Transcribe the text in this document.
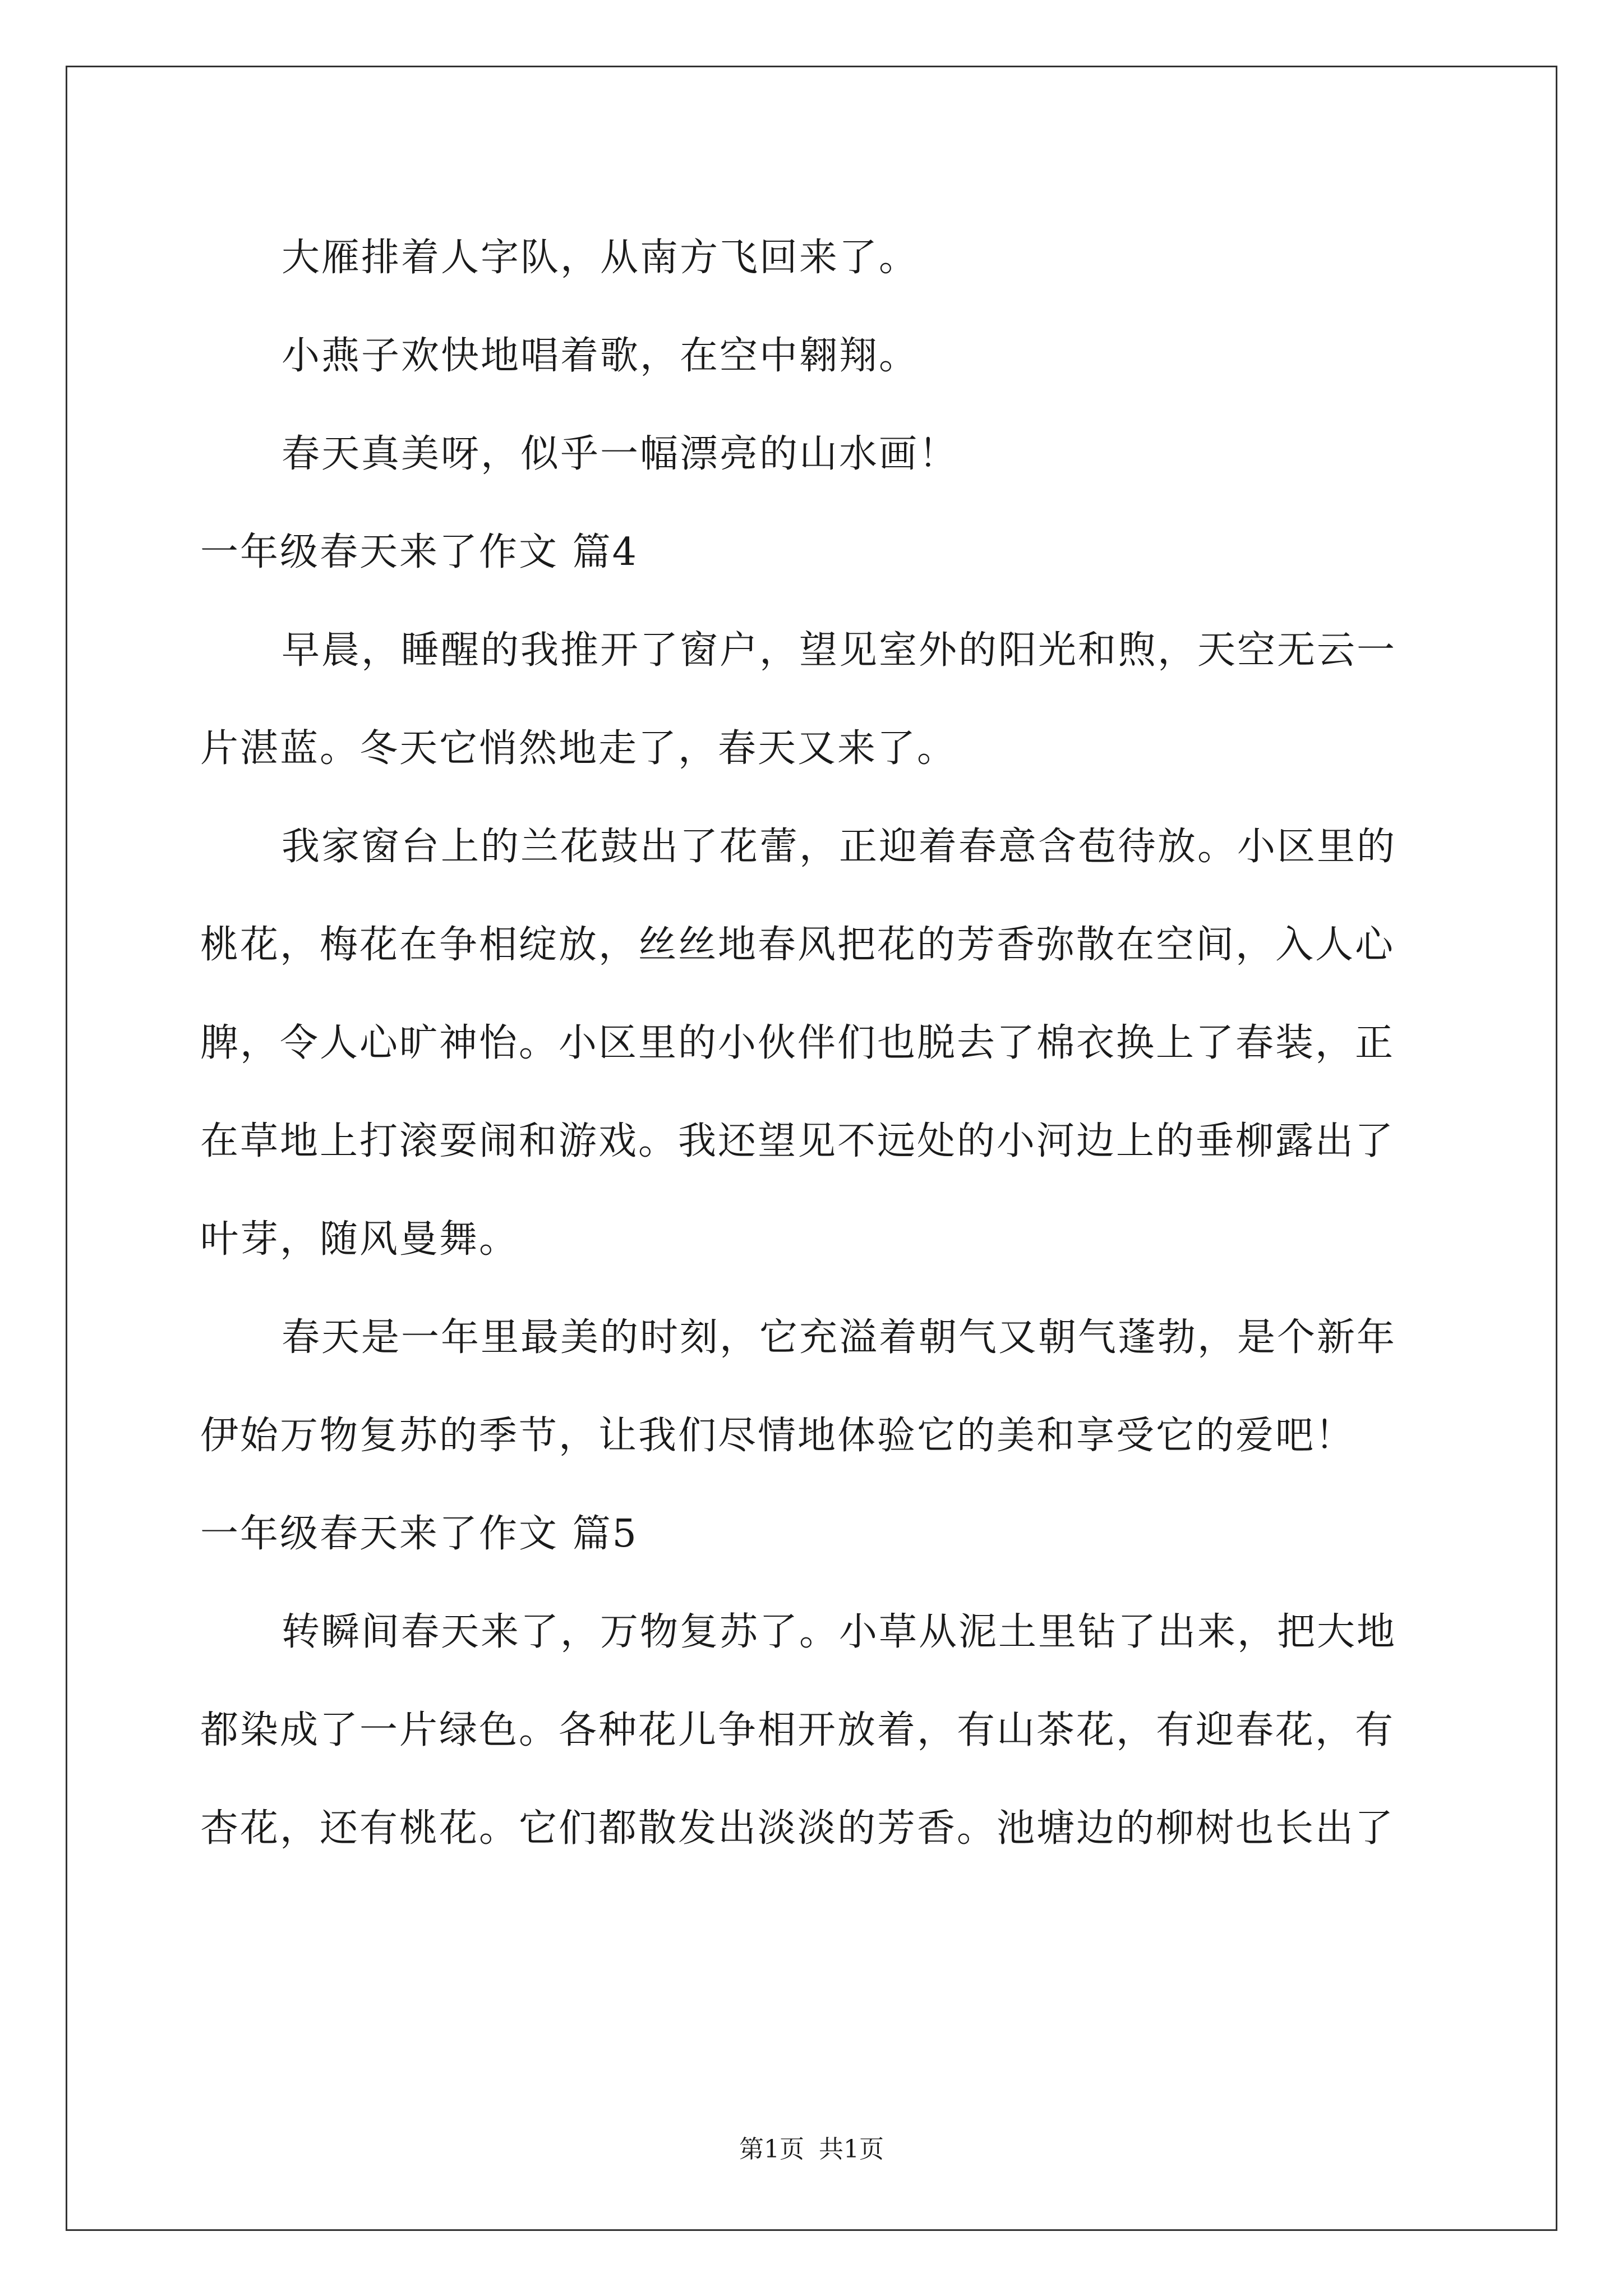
大雁排着人字队，从南方飞回来了。
小燕子欢快地唱着歌，在空中翱翔。
春天真美呀，似乎一幅漂亮的山水画！
一年级春天来了作文 篇4
早晨，睡醒的我推开了窗户，望见室外的阳光和煦，天空无云一
片湛蓝。冬天它悄然地走了，春天又来了。
我家窗台上的兰花鼓出了花蕾，正迎着春意含苞待放。小区里的
桃花，梅花在争相绽放，丝丝地春风把花的芳香弥散在空间，入人心
脾，令人心旷神怡。小区里的小伙伴们也脱去了棉衣换上了春装，正
在草地上打滚耍闹和游戏。我还望见不远处的小河边上的垂柳露出了
叶芽，随风曼舞。
春天是一年里最美的时刻，它充溢着朝气又朝气蓬勃，是个新年
伊始万物复苏的季节，让我们尽情地体验它的美和享受它的爱吧！
一年级春天来了作文 篇5
转瞬间春天来了，万物复苏了。小草从泥土里钻了出来，把大地
都染成了一片绿色。各种花儿争相开放着，有山茶花，有迎春花，有
杏花，还有桃花。它们都散发出淡淡的芳香。池塘边的柳树也长出了
第1页 共1页
